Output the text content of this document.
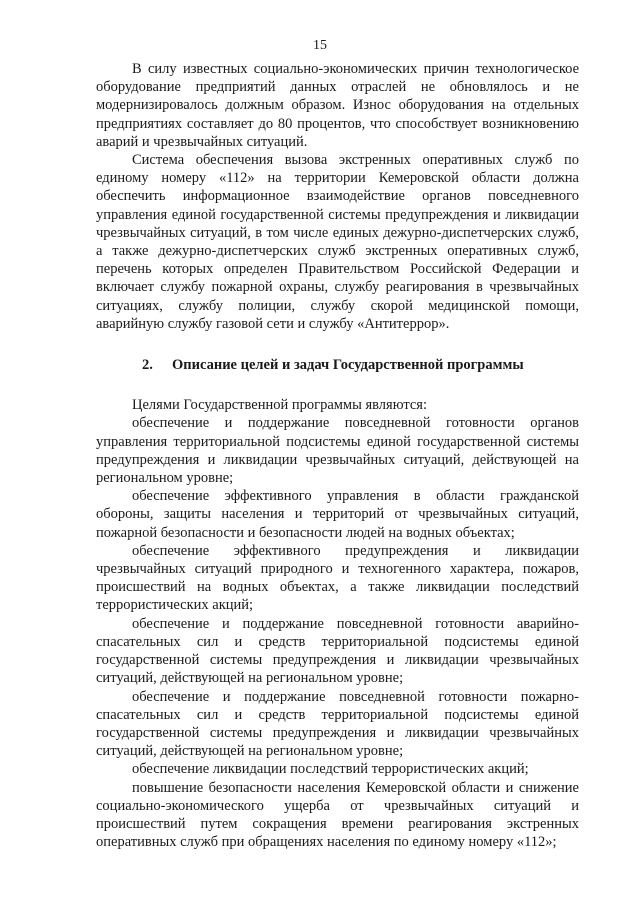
15

В силу известных социально-экономических причин технологическое оборудование предприятий данных отраслей не обновлялось и не модернизировалось должным образом. Износ оборудования на отдельных предприятиях составляет до 80 процентов, что способствует возникновению аварий и чрезвычайных ситуаций.

Система обеспечения вызова экстренных оперативных служб по единому номеру «112» на территории Кемеровской области должна обеспечить информационное взаимодействие органов повседневного управления единой государственной системы предупреждения и ликвидации чрезвычайных ситуаций, в том числе единых дежурно-диспетчерских служб, а также дежурно-диспетчерских служб экстренных оперативных служб, перечень которых определен Правительством Российской Федерации и включает службу пожарной охраны, службу реагирования в чрезвычайных ситуациях, службу полиции, службу скорой медицинской помощи, аварийную службу газовой сети и службу «Антитеррор».

2. Описание целей и задач Государственной программы

Целями Государственной программы являются:

обеспечение и поддержание повседневной готовности органов управления территориальной подсистемы единой государственной системы предупреждения и ликвидации чрезвычайных ситуаций, действующей на региональном уровне;

обеспечение эффективного управления в области гражданской обороны, защиты населения и территорий от чрезвычайных ситуаций, пожарной безопасности и безопасности людей на водных объектах;

обеспечение эффективного предупреждения и ликвидации чрезвычайных ситуаций природного и техногенного характера, пожаров, происшествий на водных объектах, а также ликвидации последствий террористических акций;

обеспечение и поддержание повседневной готовности аварийно-спасательных сил и средств территориальной подсистемы единой государственной системы предупреждения и ликвидации чрезвычайных ситуаций, действующей на региональном уровне;

обеспечение и поддержание повседневной готовности пожарно-спасательных сил и средств территориальной подсистемы единой государственной системы предупреждения и ликвидации чрезвычайных ситуаций, действующей на региональном уровне;

обеспечение ликвидации последствий террористических акций;

повышение безопасности населения Кемеровской области и снижение социально-экономического ущерба от чрезвычайных ситуаций и происшествий путем сокращения времени реагирования экстренных оперативных служб при обращениях населения по единому номеру «112»;
